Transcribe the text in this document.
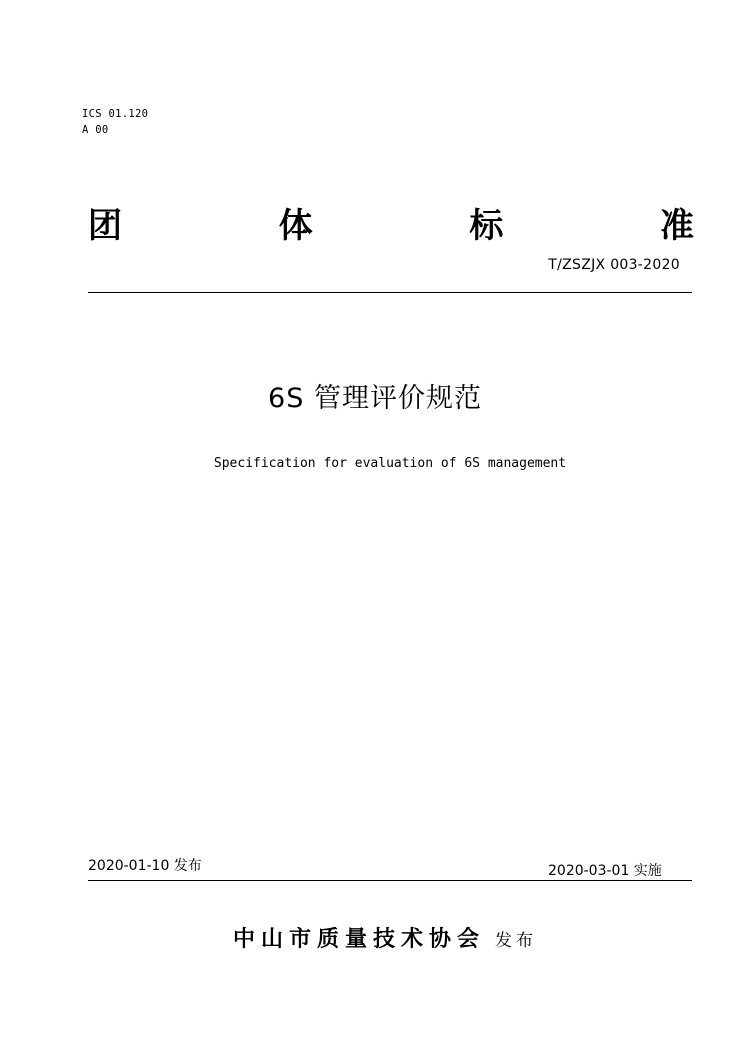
ICS 01.120
A 00
团	体	标	准
T/ZSZJX 003-2020
6S 管理评价规范
Specification for evaluation of 6S management
2020-01-10 发布	2020-03-01 实施
中山市质量技术协会 发布
